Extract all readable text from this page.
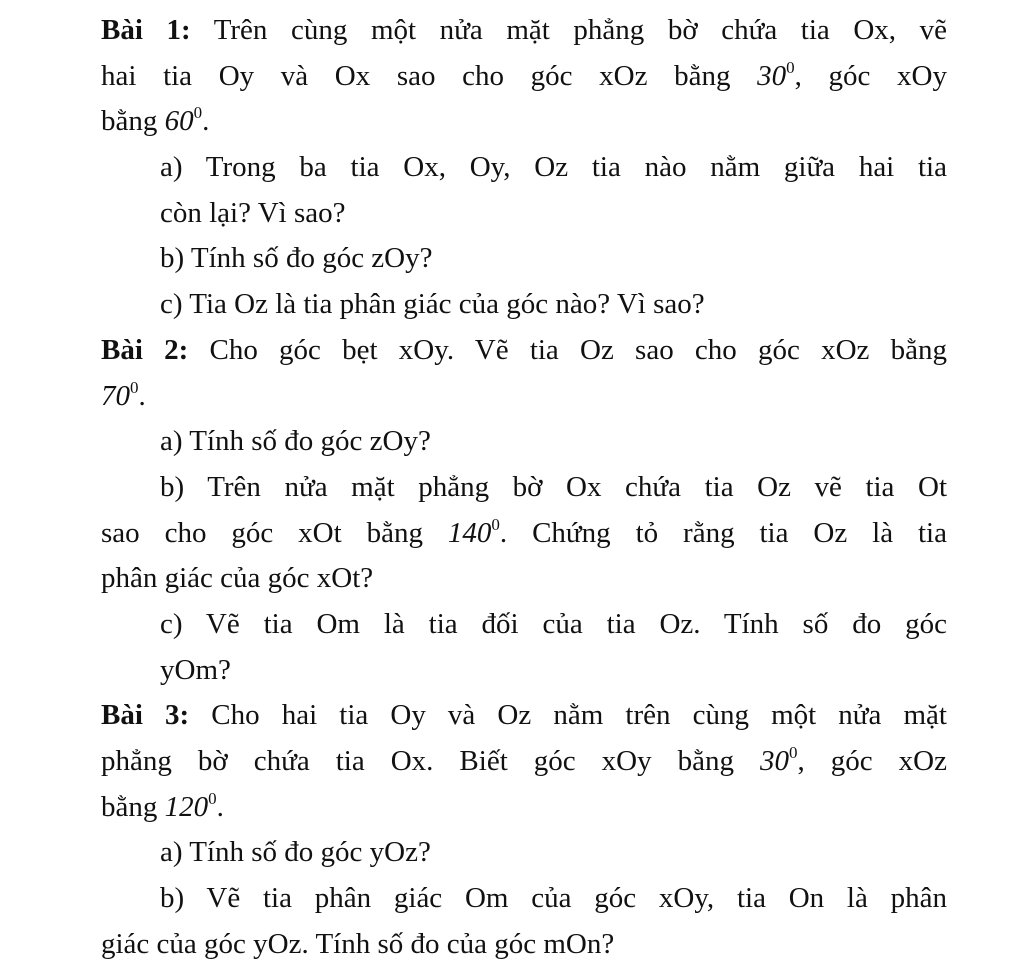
Bài 1: Trên cùng một nửa mặt phẳng bờ chứa tia Ox, vẽ
hai tia Oy và Ox sao cho góc xOz bằng $30^0$, góc xOy
bằng $60^0$.
a) Trong ba tia Ox, Oy, Oz tia nào nằm giữa hai tia
còn lại? Vì sao?
b) Tính số đo góc zOy?
c) Tia Oz là tia phân giác của góc nào? Vì sao?
Bài 2: Cho góc bẹt xOy. Vẽ tia Oz sao cho góc xOz bằng
$70^0$.
a) Tính số đo góc zOy?
b) Trên nửa mặt phẳng bờ Ox chứa tia Oz vẽ tia Ot
sao cho góc xOt bằng $140^0$. Chứng tỏ rằng tia Oz là tia
phân giác của góc xOt?
c) Vẽ tia Om là tia đối của tia Oz. Tính số đo góc
yOm?
Bài 3: Cho hai tia Oy và Oz nằm trên cùng một nửa mặt
phẳng bờ chứa tia Ox. Biết góc xOy bằng $30^0$, góc xOz
bằng $120^0$.
a) Tính số đo góc yOz?
b) Vẽ tia phân giác Om của góc xOy, tia On là phân
giác của góc yOz. Tính số đo của góc mOn?
